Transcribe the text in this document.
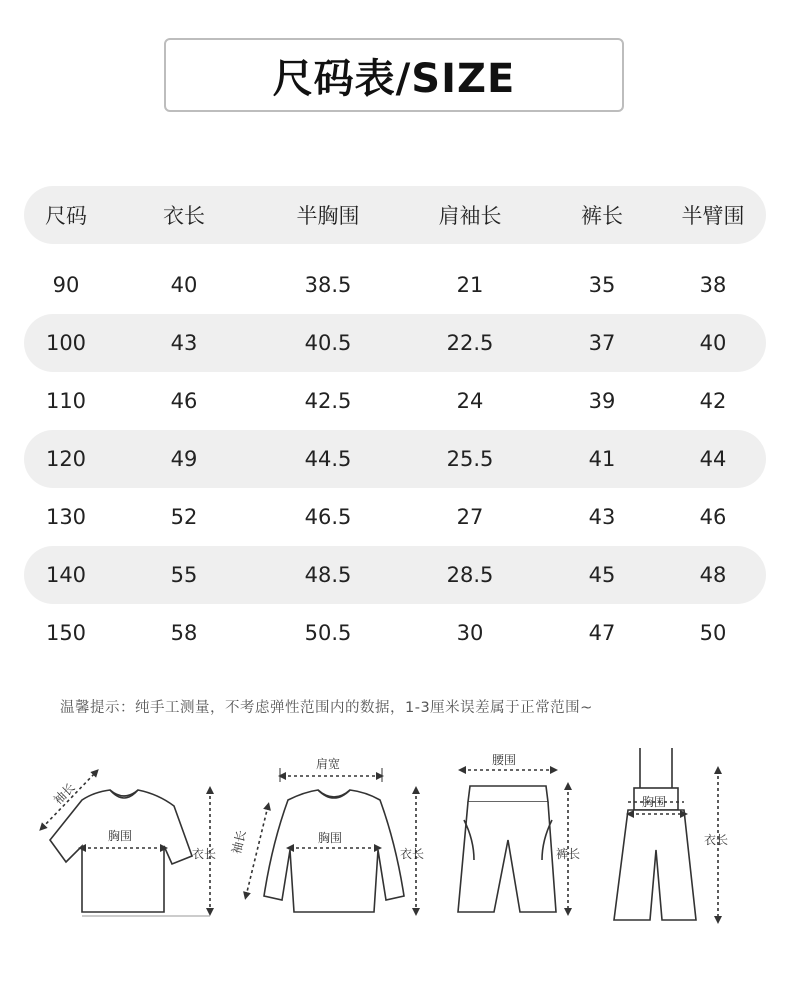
尺码表/SIZE
尺码	衣长	半胸围	肩袖长	裤长	半臂围
90	40	38.5	21	35	38
100	43	40.5	22.5	37	40
110	46	42.5	24	39	42
120	49	44.5	25.5	41	44
130	52	46.5	27	43	46
140	55	48.5	28.5	45	48
150	58	50.5	30	47	50
温馨提示：纯手工测量，不考虑弹性范围内的数据，1-3厘米误差属于正常范围~
胸围
衣长
袖长
肩宽
胸围
衣长
袖长
腰围
裤长
胸围
衣长
